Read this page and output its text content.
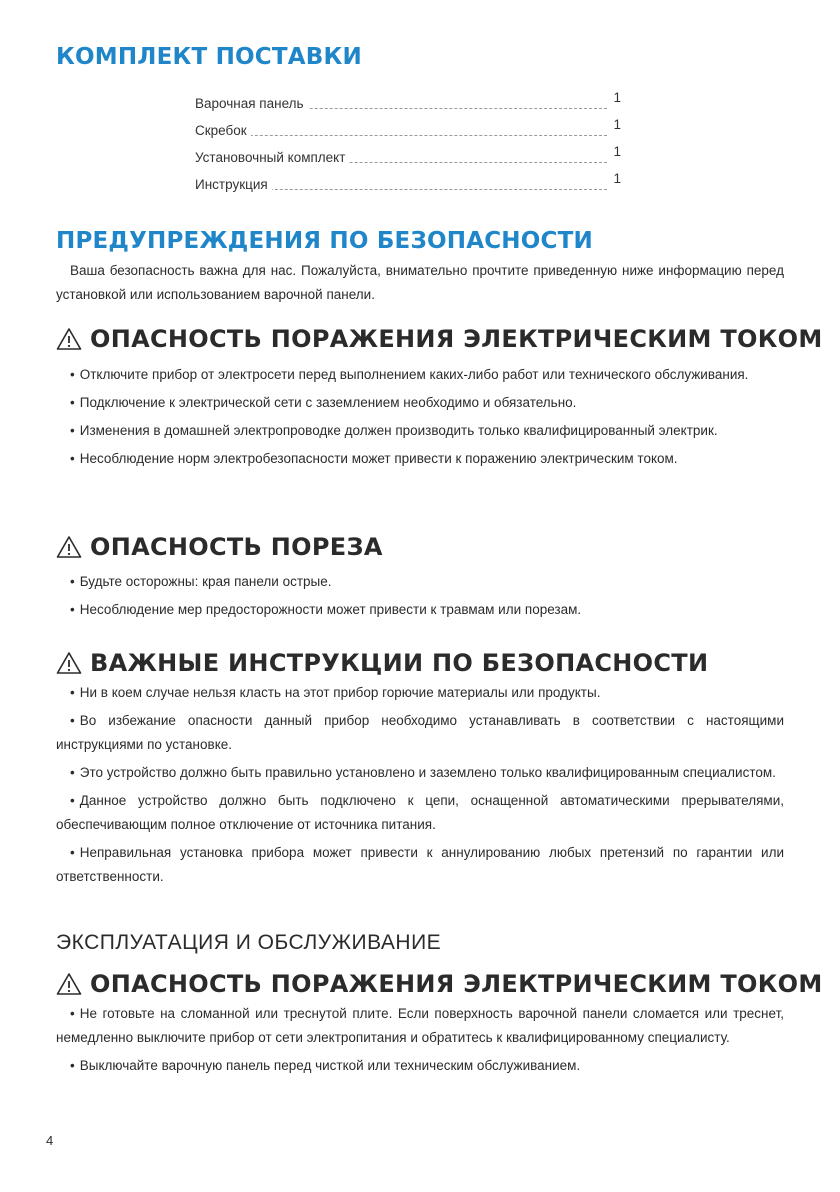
КОМПЛЕКТ ПОСТАВКИ
Варочная панель	1
Скребок	1
Установочный комплект	1
Инструкция	1
ПРЕДУПРЕЖДЕНИЯ ПО БЕЗОПАСНОСТИ

Ваша безопасность важна для нас. Пожалуйста, внимательно прочтите приведенную ниже информацию перед установкой или использованием варочной панели.

ОПАСНОСТЬ ПОРАЖЕНИЯ ЭЛЕКТРИЧЕСКИМ ТОКОМ
• Отключите прибор от электросети перед выполнением каких-либо работ или технического обслуживания.
• Подключение к электрической сети с заземлением необходимо и обязательно.
• Изменения в домашней электропроводке должен производить только квалифицированный электрик.
• Несоблюдение норм электробезопасности может привести к поражению электрическим током.
ОПАСНОСТЬ ПОРЕЗА
• Будьте осторожны: края панели острые.
• Несоблюдение мер предосторожности может привести к травмам или порезам.
ВАЖНЫЕ ИНСТРУКЦИИ ПО БЕЗОПАСНОСТИ
• Ни в коем случае нельзя класть на этот прибор горючие материалы или продукты.
• Во избежание опасности данный прибор необходимо устанавливать в соответствии с настоящими инструкциями по установке.
• Это устройство должно быть правильно установлено и заземлено только квалифицированным специалистом.
• Данное устройство должно быть подключено к цепи, оснащенной автоматическими прерывателями, обеспечивающим полное отключение от источника питания.
• Неправильная установка прибора может привести к аннулированию любых претензий по гарантии или ответственности.
ЭКСПЛУАТАЦИЯ И ОБСЛУЖИВАНИЕ
ОПАСНОСТЬ ПОРАЖЕНИЯ ЭЛЕКТРИЧЕСКИМ ТОКОМ
• Не готовьте на сломанной или треснутой плите. Если поверхность варочной панели сломается или треснет, немедленно выключите прибор от сети электропитания и обратитесь к квалифицированному специалисту.
• Выключайте варочную панель перед чисткой или техническим обслуживанием.
4
